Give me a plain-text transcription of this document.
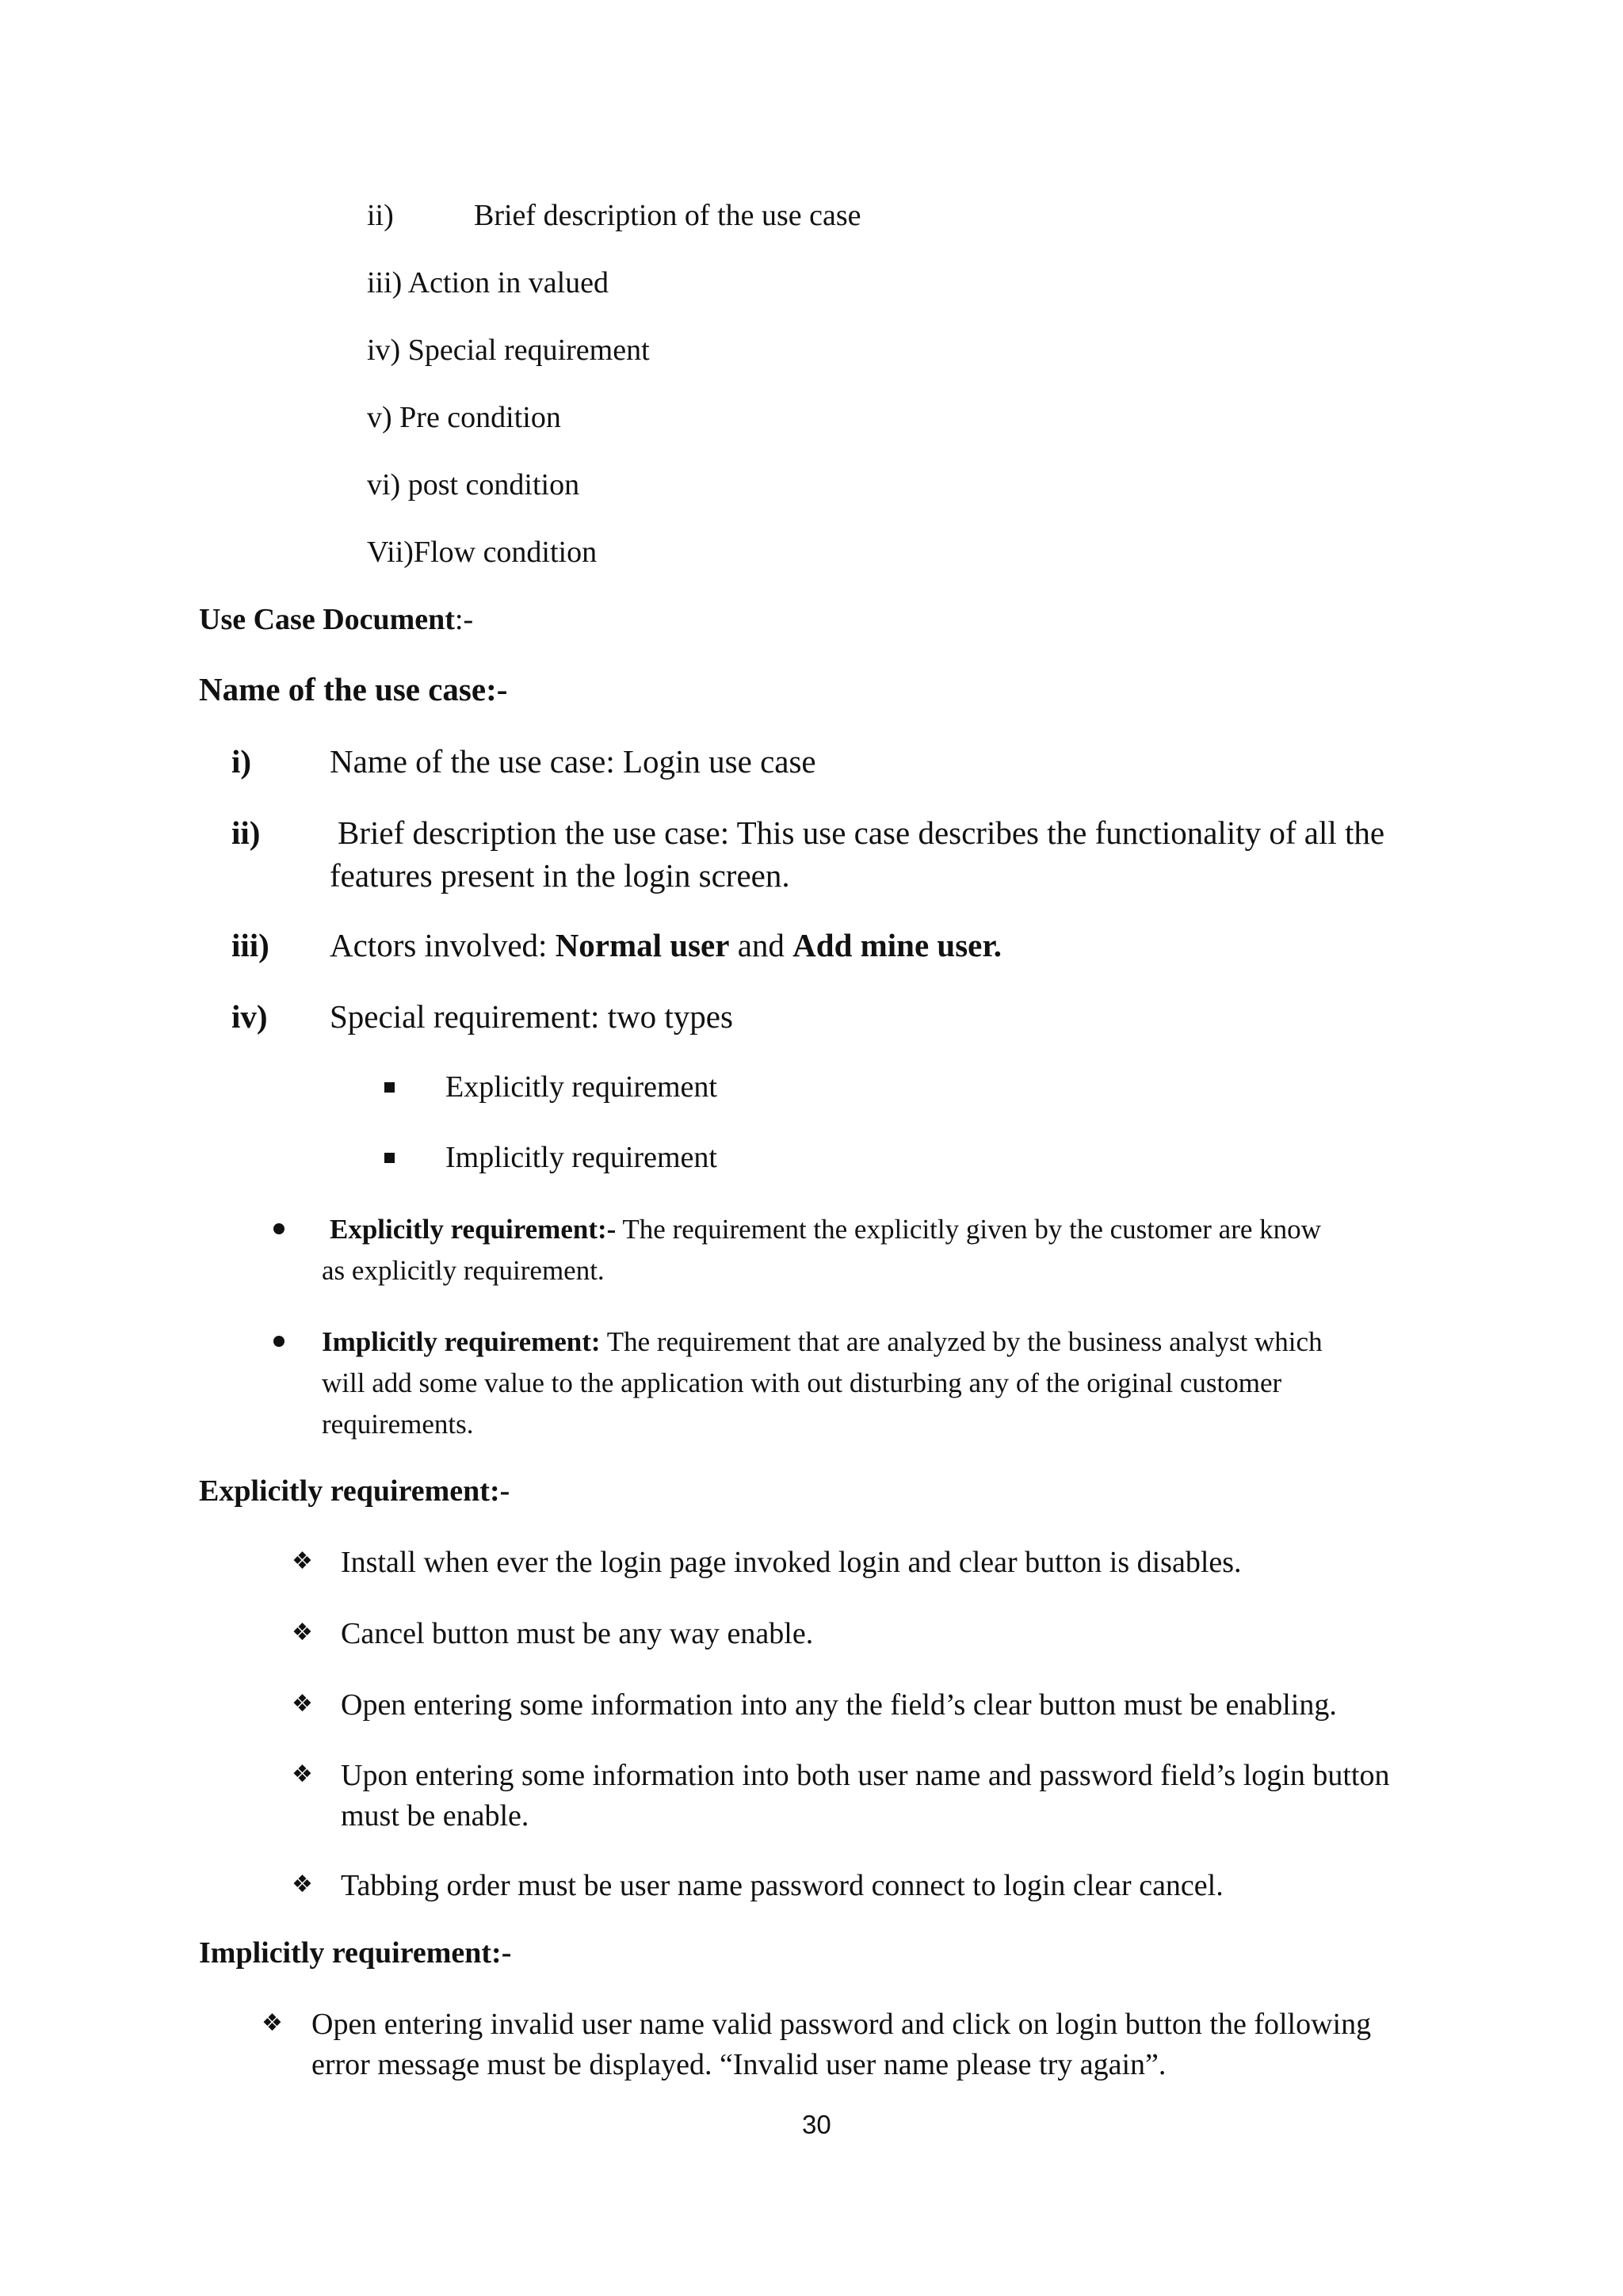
ii)	Brief description of the use case
iii) Action in valued
iv) Special requirement
v) Pre condition
vi) post condition
Vii)Flow condition
Use Case Document:-
Name of the use case:-
i) Name of the use case: Login use case
ii) Brief description the use case: This use case describes the functionality of all the
features present in the login screen.
iii) Actors involved: Normal user and Add mine user.
iv) Special requirement: two types
Explicitly requirement
Implicitly requirement
Explicitly requirement:- The requirement the explicitly given by the customer are know
as explicitly requirement.
Implicitly requirement: The requirement that are analyzed by the business analyst which
will add some value to the application with out disturbing any of the original customer
requirements.
Explicitly requirement:-
❖ Install when ever the login page invoked login and clear button is disables.
❖ Cancel button must be any way enable.
❖ Open entering some information into any the field’s clear button must be enabling.
❖ Upon entering some information into both user name and password field’s login button
must be enable.
❖ Tabbing order must be user name password connect to login clear cancel.
Implicitly requirement:-
❖ Open entering invalid user name valid password and click on login button the following
error message must be displayed. “Invalid user name please try again”.
30
